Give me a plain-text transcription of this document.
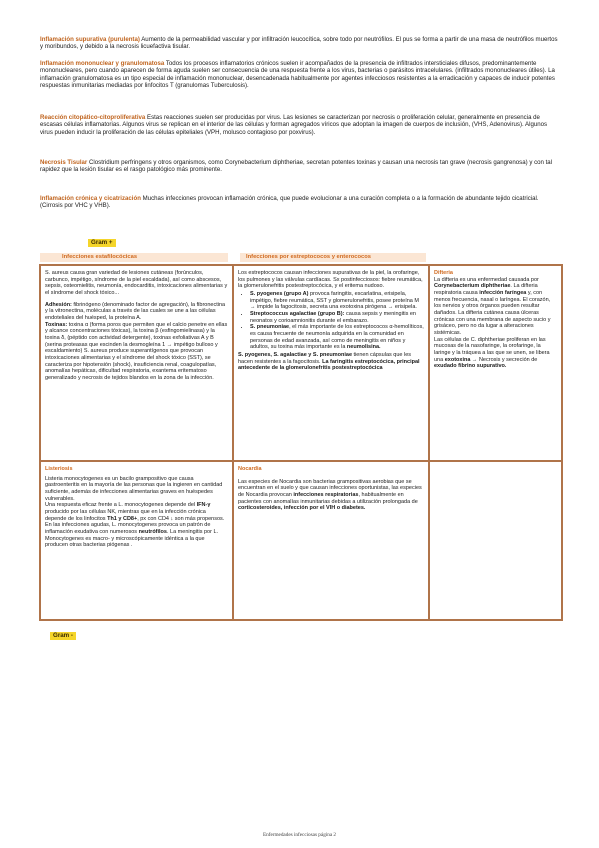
Inflamación supurativa (purulenta) Aumento de la permeabilidad vascular y por infiltración leucocítica, sobre todo por neutrófilos. El pus se forma a partir de una masa de neutrófilos muertos y moribundos, y debido a la necrosis licuefactiva tisular.
Inflamación mononuclear y granulomatosa Todos los procesos inflamatorios crónicos suelen ir acompañados de la presencia de infiltrados intersticiales difusos, predominantemente mononucleares, pero cuando aparecen de forma aguda suelen ser consecuencia de una respuesta frente a los virus, bacterias o parásitos intracelulares. (infiltrados mononucleares útiles). La inflamación granulomatosa es un tipo especial de inflamación mononuclear, desencadenada habitualmente por agentes infecciosos resistentes a la erradicación y capaces de inducir potentes respuestas inmunitarias mediadas por linfocitos T (granulomas Tuberculosis).
Reacción citopático-citoproliferativa Estas reacciones suelen ser producidas por virus. Las lesiones se caracterizan por necrosis o proliferación celular, generalmente en presencia de escasas células inflamatorias. Algunos virus se replican en el interior de las células y forman agregados víricos que adoptan la imagen de cuerpos de inclusión, (VHS, Adenovirus). Algunos virus pueden inducir la proliferación de las células epiteliales (VPH, molusco contagioso por poxvirus).
Necrosis Tisular Clostridium perfringens y otros organismos, como Corynebacterium diphtheriae, secretan potentes toxinas y causan una necrosis tan grave (necrosis gangrenosa) y con tal rapidez que la lesión tisular es el rasgo patológico más prominente.
Inflamación crónica y cicatrización Muchas infecciones provocan inflamación crónica, que puede evolucionar a una curación completa o a la formación de abundante tejido cicatricial. (Cirrosis por VHC y VHB).
Gram +
Infecciones estafilocócicas	Infecciones por estreptococos y enterococos
S. aureus causa gran variedad de lesiones cutáneas (forúnculos, carbunco, impétigo, síndrome de la piel escaldada), así como abscesos, sepsis, osteomielitis, neumonía, endocarditis, intoxicaciones alimentarias y el síndrome del shock tóxico...
Adhesión: fibrinógeno (denominado factor de agregación), la fibronectina y la vitronectina, moléculas a través de las cuales se une a las células endoteliales del huésped, la proteína A.
Toxinas: toxina α (forma poros que permiten que el calcio penetre en ellas y alcance concentraciones tóxicas), la toxina β (esfingomielinasa) y la toxina δ, (péptido con actividad detergente), toxinas exfoliativas A y B (serina proteasas que escinden la desmogleína 1 → impétigo bulloso y escaldamiento) S. aureus produce superantígenos que provocan intoxicaciones alimentarias y el síndrome del shock tóxico (SST), se caracteriza por hipotensión (shock), insuficiencia renal, coagulopatías, anomalías hepáticas, dificultad respiratoria, exantema eritematoso generalizado y necrosis de tejidos blandos en la zona de la infección.
Los estreptococos causan infecciones supurativas de la piel, la orofaringe, los pulmones y las válvulas cardíacas. Sx postinfecciosos: fiebre reumática, la glomerulonefritis postestreptocócica, y el eritema nudoso.
• S. pyogenes (grupo A) provoca faringitis, escarlatina, erisipela, impétigo, fiebre reumática, SST y glomerulonefritis, posee proteína M → impide la fagocitosis, secreta una exotoxina pirógena → erisipela.
• Streptococcus agalactiae (grupo B): causa sepsis y meningitis en neonatos y corioamnionitis durante el embarazo.
• S. pneumoniae, el más importante de los estreptococos α-hemolíticos, es causa frecuente de neumonía adquirida en la comunidad en personas de edad avanzada, así como de meningitis en niños y adultos, su toxina más importante es la neumolisina.
S. pyogenes, S. agalactiae y S. pneumoniae tienen cápsulas que les hacen resistentes a la fagocitosis. La faringitis estreptocócica, principal antecedente de la glomerulonefritis postestreptocócica
Difteria
La difteria es una enfermedad causada por Corynebacterium diphtheriae. La difteria respiratoria causa infección faríngea y, con menos frecuencia, nasal o laríngea. El corazón, los nervios y otros órganos pueden resultar dañados. La difteria cutánea causa úlceras crónicas con una membrana de aspecto sucio y grisáceo, pero no da lugar a alteraciones sistémicas.
Las células de C. diphtheriae proliferan en las mucosas de la nasofaringe, la orofaringe, la laringe y la tráquea a las que se unen, se libera una exotoxina → Necrosis y secreción de exudado fibrino supurativo.
Listeriosis
Listeria monocytogenes es un bacilo grampositivo que causa gastroenteritis en la mayoría de las personas que la ingieren en cantidad suficiente, además de infecciones alimentarias graves en huéspedes vulnerables.
Una respuesta eficaz frente a L. monocytogenes depende del IFN-γ producido por las células NK, mientras que en la infección crónica depende de los linfocitos Th1 y CD8+, px con CD4 ↓ son más propensos.
En las infecciones agudas, L. monocytogenes provoca un patrón de inflamación exudativa con numerosos neutrófilos. La meningitis por L. Monocytogenes es macro- y microscópicamente idéntica a la que producen otras bacterias piógenas .
Nocardia
Las especies de Nocardia son bacterias grampositivas aerobias que se encuentran en el suelo y que causan infecciones oportunistas, las especies de Nocardia provocan infecciones respiratorias, habitualmente en pacientes con anomalías inmunitarias debidas a utilización prolongada de corticosteroides, infección por el VIH o diabetes.
Gram -
Enfermedades infecciosas página 2
